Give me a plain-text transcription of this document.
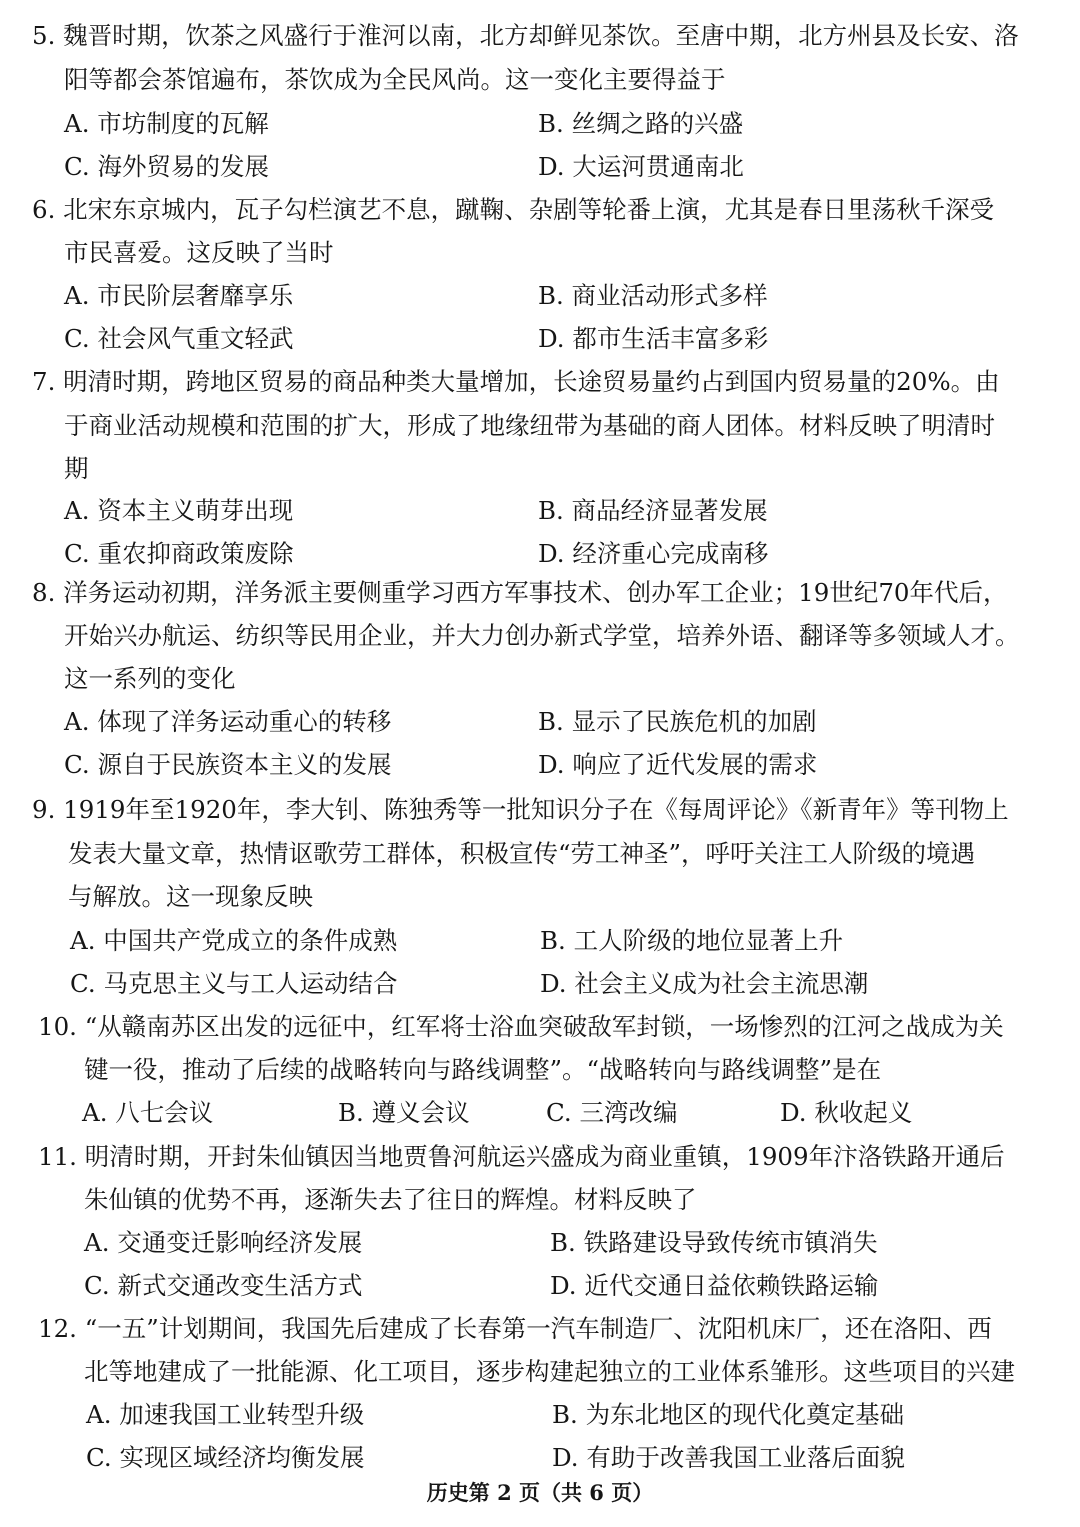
5. 魏晋时期，饮茶之风盛行于淮河以南，北方却鲜见茶饮。至唐中期，北方州县及长安、洛
阳等都会茶馆遍布，茶饮成为全民风尚。这一变化主要得益于
A. 市坊制度的瓦解	B. 丝绸之路的兴盛
C. 海外贸易的发展	D. 大运河贯通南北
6. 北宋东京城内，瓦子勾栏演艺不息，蹴鞠、杂剧等轮番上演，尤其是春日里荡秋千深受
市民喜爱。这反映了当时
A. 市民阶层奢靡享乐	B. 商业活动形式多样
C. 社会风气重文轻武	D. 都市生活丰富多彩
7. 明清时期，跨地区贸易的商品种类大量增加，长途贸易量约占到国内贸易量的20%。由
于商业活动规模和范围的扩大，形成了地缘纽带为基础的商人团体。材料反映了明清时
期
A. 资本主义萌芽出现	B. 商品经济显著发展
C. 重农抑商政策废除	D. 经济重心完成南移
8. 洋务运动初期，洋务派主要侧重学习西方军事技术、创办军工企业；19世纪70年代后，
开始兴办航运、纺织等民用企业，并大力创办新式学堂，培养外语、翻译等多领域人才。
这一系列的变化
A. 体现了洋务运动重心的转移	B. 显示了民族危机的加剧
C. 源自于民族资本主义的发展	D. 响应了近代发展的需求
9. 1919年至1920年，李大钊、陈独秀等一批知识分子在《每周评论》《新青年》等刊物上
发表大量文章，热情讴歌劳工群体，积极宣传“劳工神圣”，呼吁关注工人阶级的境遇
与解放。这一现象反映
A. 中国共产党成立的条件成熟	B. 工人阶级的地位显著上升
C. 马克思主义与工人运动结合	D. 社会主义成为社会主流思潮
10. “从赣南苏区出发的远征中，红军将士浴血突破敌军封锁，一场惨烈的江河之战成为关
键一役，推动了后续的战略转向与路线调整”。“战略转向与路线调整”是在
A. 八七会议	B. 遵义会议	C. 三湾改编	D. 秋收起义
11. 明清时期，开封朱仙镇因当地贾鲁河航运兴盛成为商业重镇，1909年汴洛铁路开通后
朱仙镇的优势不再，逐渐失去了往日的辉煌。材料反映了
A. 交通变迁影响经济发展	B. 铁路建设导致传统市镇消失
C. 新式交通改变生活方式	D. 近代交通日益依赖铁路运输
12. “一五”计划期间，我国先后建成了长春第一汽车制造厂、沈阳机床厂，还在洛阳、西
北等地建成了一批能源、化工项目，逐步构建起独立的工业体系雏形。这些项目的兴建
A. 加速我国工业转型升级	B. 为东北地区的现代化奠定基础
C. 实现区域经济均衡发展	D. 有助于改善我国工业落后面貌
历史第 2 页（共 6 页）
